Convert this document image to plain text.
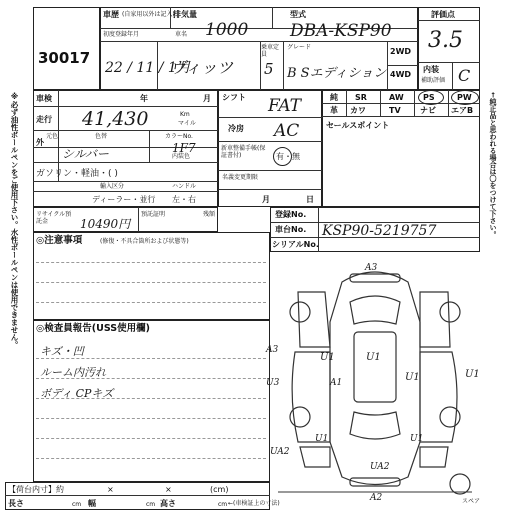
30017
車歴 (自家用以外は記入)
排気量
1000
型式
DBA-KSP90
初度登録年月	車名
22 / 11 / 1月
ヴィッツ
乗車定員
グレード
5 B Sエディション
2WD
4WD
評価点
3.5
内装
補助評価 C
※必ず油性ボールペンをご使用下さい。水性ボールペンは使用できません。 車検	年	月
走行 41,430	Km
マイル
外
元色	色替
シルバー
カラーNo.
1F7
内装色
ガソリン・軽油・( )
輸入区分	ハンドル
ディーラー・並行 左・右
リサイクル預託金	10490円
預託証明	残額
シフト FAT
冷房 AC
新車整備手帳(保証書付)	有・無
名義変更期限
月	日
純 SR	AW PS	PW
革 カワ	TV ナビ エアB
セールスポイント	←純正品と思われる場合は〇をつけて下さい。
登録No.
車台No. KSP90-5219757
シリアルNo.
◎注意事項	(修復・不具合箇所および状態等)
◎検査員報告(USS使用欄)
キズ・凹
ルーム内汚れ
ボディ CPキズ
A3
A3
U3
U1	U1
U1	U1
A1
UA2
UA2
U1	U1
A2	スペア
【荷台内寸】約	×	×	(cm)
長さ	cm 幅	cm 高さ	cm ←(車検証上の寸法)
